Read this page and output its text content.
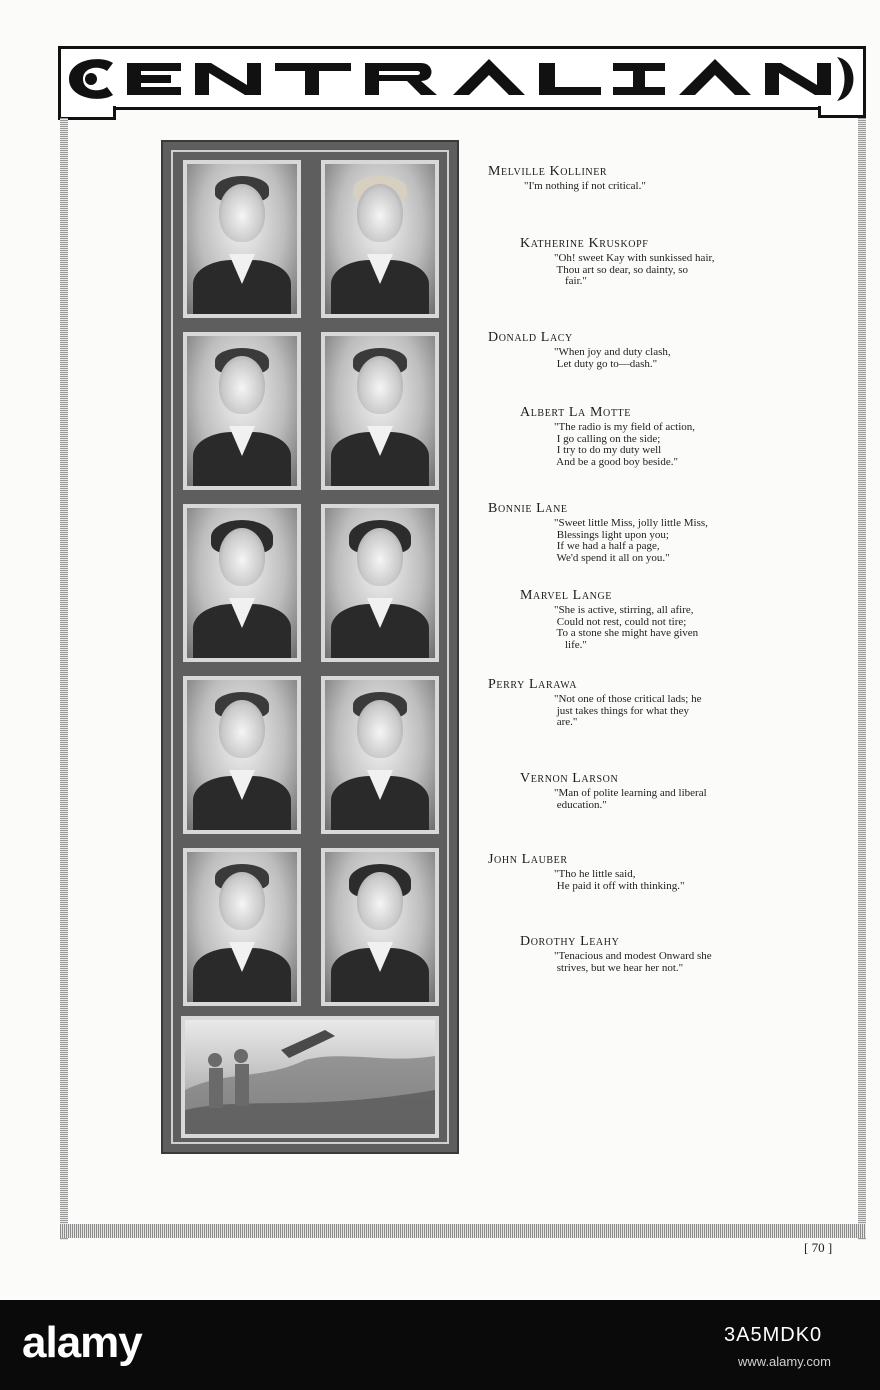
Melville Kolliner
"I'm nothing if not critical."
Katherine Kruskopf
"Oh! sweet Kay with sunkissed hair,
Thou art so dear, so dainty, so
fair."
Donald Lacy
"When joy and duty clash,
Let duty go to—dash."
Albert La Motte
"The radio is my field of action,
I go calling on the side;
I try to do my duty well
And be a good boy beside."
Bonnie Lane
"Sweet little Miss, jolly little Miss,
Blessings light upon you;
If we had a half a page,
We'd spend it all on you."
Marvel Lange
"She is active, stirring, all afire,
Could not rest, could not tire;
To a stone she might have given
life."
Perry Larawa
"Not one of those critical lads; he
just takes things for what they
are."
Vernon Larson
"Man of polite learning and liberal
education."
John Lauber
"Tho he little said,
He paid it off with thinking."
Dorothy Leahy
"Tenacious and modest Onward she
strives, but we hear her not."
[ 70 ]
alamy	3A5MDK0
www.alamy.com
